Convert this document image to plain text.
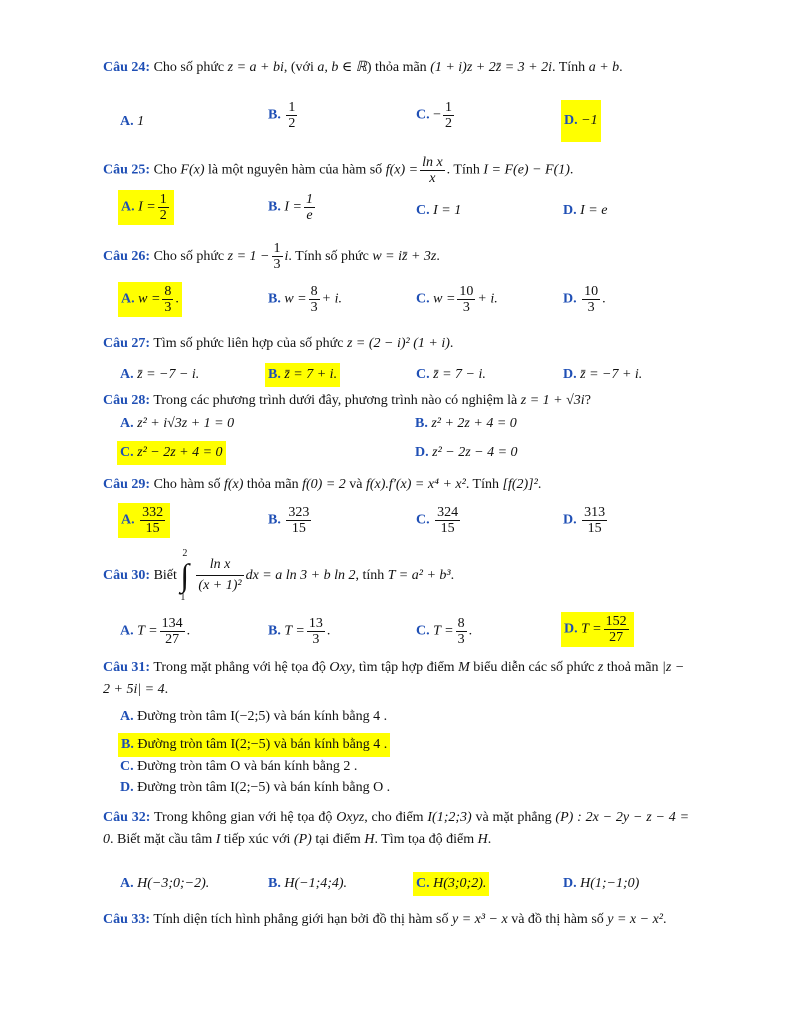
Câu 24: Cho số phức z = a + bi, (với a, b ∈ ℝ) thỏa mãn (1 + i)z + 2z̄ = 3 + 2i. Tính a + b.
A. 1	B. $\frac{1}{2}$	C. − $\frac{1}{2}$	D. −1
Câu 25: Cho F(x) là một nguyên hàm của hàm số $f(x) = \frac{\text{ln x}}{x}$ . Tính I = F(e) − F(1).
A. $I = \frac{1}{2}$	B. $I = \frac{1}{e}$	C. I = 1	D. I = e
Câu 26: Cho số phức $z = 1 - \frac{1}{3} i$. Tính số phức w = iz̄ + 3z.
A. $w = \frac{8}{3}$ .	B. $w = \frac{8}{3} + i$.	C. $w = \frac{10}{3} + i$.	D. $\frac{10}{3}$ .
Câu 27: Tìm số phức liên hợp của số phức z = (2 − i)² (1 + i).
A. z̄ = −7 − i.	B. z̄ = 7 + i.	C. z̄ = 7 − i.	D. z̄ = −7 + i.
Câu 28: Trong các phương trình dưới đây, phương trình nào có nghiệm là z = 1 + √3i?
A. z² + i√3z + 1 = 0	B. z² + 2z + 4 = 0
C. z² − 2z + 4 = 0	D. z² − 2z − 4 = 0
Câu 29: Cho hàm số f(x) thỏa mãn f(0) = 2 và f(x).f′(x) = x⁴ + x². Tính [f(2)]².
A. $\frac{332}{15}$	B. $\frac{323}{15}$	C. $\frac{324}{15}$	D. $\frac{313}{15}$
Câu 30: Biết
2
∫
1
$\frac{\text{ln x}}{\text{(x + 1)²}}$ dx = a ln 3 + b ln 2, tính T = a² + b³.
A. $T = \frac{134}{27}$ .	B. $T = \frac{13}{3}$ .	C. $T = \frac{8}{3}$ .	D. $T = \frac{152}{27}$
Câu 31: Trong mặt phẳng với hệ tọa độ Oxy, tìm tập hợp điểm M biểu diễn các số phức z thoả mãn |z − 2 + 5i| = 4.
A. Đường tròn tâm I(−2;5) và bán kính bằng 4 .
B. Đường tròn tâm I(2;−5) và bán kính bằng 4 .
C. Đường tròn tâm O và bán kính bằng 2 .
D. Đường tròn tâm I(2;−5) và bán kính bằng O .
Câu 32: Trong không gian với hệ tọa độ Oxyz, cho điểm I(1;2;3) và mặt phẳng (P) : 2x − 2y − z − 4 = 0. Biết mặt cầu tâm I tiếp xúc với (P) tại điểm H. Tìm tọa độ điểm H.
A. H(−3;0;−2).	B. H(−1;4;4).	C. H(3;0;2).	D. H(1;−1;0)
Câu 33: Tính diện tích hình phẳng giới hạn bởi đồ thị hàm số y = x³ − x và đồ thị hàm số y = x − x².
